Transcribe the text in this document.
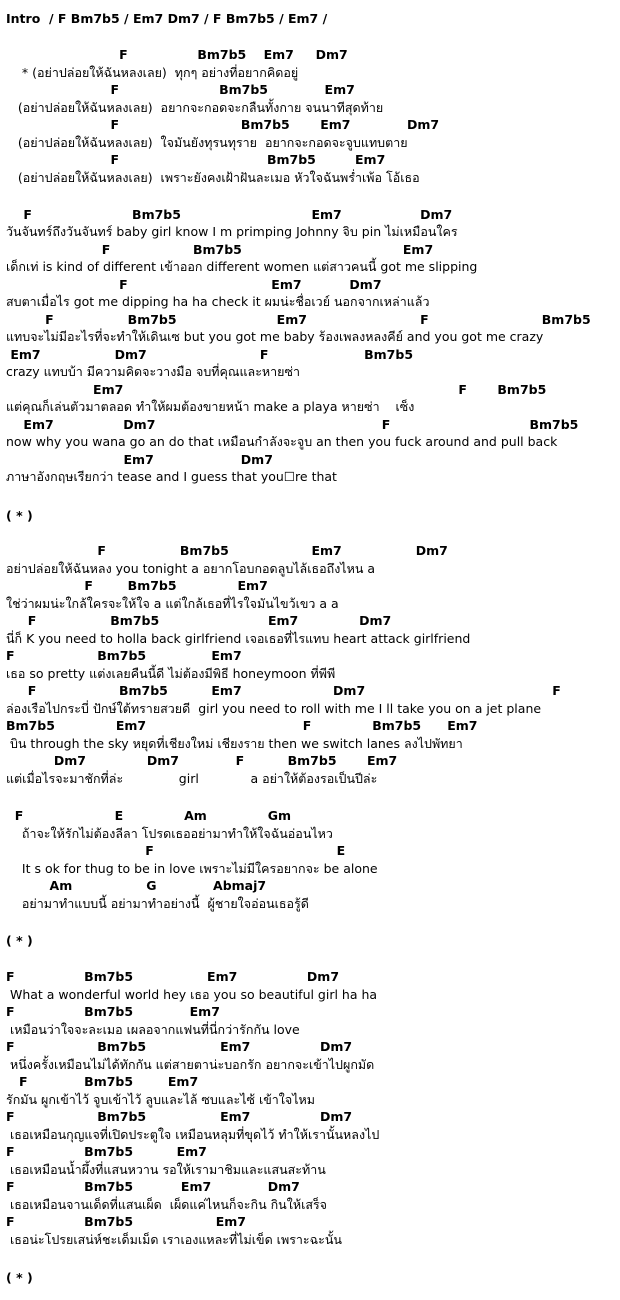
Intro  / F Bm7b5 / Em7 Dm7 / F Bm7b5 / Em7 /
F                Bm7b5    Em7     Dm7
* (อย่าปล่อยให้ฉันหลงเลย)  ทุกๆ อย่างที่อยากคิดอยู่
F                       Bm7b5             Em7
(อย่าปล่อยให้ฉันหลงเลย)  อยากจะกอดจะกลืนทั้งกาย จนนาทีสุดท้าย
F                            Bm7b5       Em7             Dm7
(อย่าปล่อยให้ฉันหลงเลย)  ใจมันยังทุรนทุราย  อยากจะกอดจะจูบแทบตาย
F                                  Bm7b5         Em7
(อย่าปล่อยให้ฉันหลงเลย)  เพราะยังคงเฝ้าฝันละเมอ หัวใจฉันพร่ำเพ้อ โอ้เธอ
F                       Bm7b5                              Em7                  Dm7
วันจันทร์ถึงวันจันทร์ baby girl know I m primping Johnny จิบ pin ไม่เหมือนใคร
F                   Bm7b5                                     Em7
เด็กเท่ is kind of different เข้าออก different women แต่สาวคนนี้ got me slipping
F                                 Em7           Dm7
สบตาเมื่อไร got me dipping ha ha check it ผมน่ะชื่อเวย์ นอกจากเหล่าแล้ว
F                 Bm7b5                       Em7                          F                          Bm7b5
แทบจะไม่มีอะไรที่จะทำให้เดินเซ but you got me baby ร้องเพลงหลงคีย์ and you got me crazy
Em7                 Dm7                          F                      Bm7b5
crazy แทบบ้า มีความคิดจะวางมือ จบที่คุณและหายซ่า
Em7                                                                             F       Bm7b5
แต่คุณก็เล่นตัวมาตลอด ทำให้ผมต้องขายหน้า make a playa หายซ่า    เซ็ง
Em7                Dm7                                                    F                                Bm7b5
now why you wana go an do that เหมือนกำลังจะจูบ an then you fuck around and pull back
Em7                    Dm7
ภาษาอังกฤษเรียกว่า tease and I guess that you☐re that
( * )
F                 Bm7b5                   Em7                 Dm7
อย่าปล่อยให้ฉันหลง you tonight a อยากโอบกอดลูบไล้เธอถึงไหน a
F        Bm7b5              Em7
ใช่ว่าผมน่ะใกล้ใครจะให้ใจ a แต่ใกล้เธอที่ไรใจมันไขว้เขว a a
F                 Bm7b5                         Em7              Dm7
นี่ก็ K you need to holla back girlfriend เจอเธอที่ไรแทบ heart attack girlfriend
F                   Bm7b5               Em7
เธอ so pretty แต่งเลยคืนนี้ดี ไม่ต้องมีพิธี honeymoon ที่พีพี
F                   Bm7b5          Em7                     Dm7                                           F
ล่องเรือไปกระบี่ ปักษ์ใต้ทรายสวยดี  girl you need to roll with me I ll take you on a jet plane
Bm7b5              Em7                                    F              Bm7b5      Em7
บิน through the sky หยุดที่เชียงใหม่ เชียงราย then we switch lanes ลงไปพัทยา
Dm7              Dm7             F          Bm7b5       Em7
แต่เมื่อไรจะมาชักที่ล่ะ              girl             a อย่าให้ต้องรอเป็นปีล่ะ
F                     E              Am              Gm
ถ้าจะให้รักไม่ต้องลีลา โปรดเธออย่ามาทำให้ใจฉันอ่อนไหว
F                                          E
It s ok for thug to be in love เพราะไม่มีใครอยากจะ be alone
Am                 G             Abmaj7
อย่ามาทำแบบนี้ อย่ามาทำอย่างนี้  ผู้ชายใจอ่อนเธอรู้ดี
( * )
F                Bm7b5                 Em7                Dm7
What a wonderful world hey เธอ you so beautiful girl ha ha
F                Bm7b5             Em7
เหมือนว่าใจจะละเมอ เผลอจากแฟนที่นี่กว่ารักกัน love
F                   Bm7b5                 Em7                Dm7
หนึ่งครั้งเหมือนไม่ได้ทักกัน แต่สายตาน่ะบอกรัก อยากจะเข้าไปผูกมัด
F             Bm7b5        Em7
รักมัน ผูกเข้าไว้ จูบเข้าไว้ ลูบและไล้ ซบและไซ้ เข้าใจไหม
F                   Bm7b5                 Em7                Dm7
เธอเหมือนกุญแจที่เปิดประตูใจ เหมือนหลุมที่ขุดไว้ ทำให้เรานั้นหลงไป
F                Bm7b5          Em7
เธอเหมือนน้ำผึ้งที่แสนหวาน รอให้เรามาชิมและแสนสะท้าน
F                Bm7b5           Em7             Dm7
เธอเหมือนจานเด็ดที่แสนเผ็ด  เผ็ดแค่ไหนก็จะกิน กินให้เสร็จ
F                Bm7b5                   Em7
เธอน่ะโปรยเสน่ห์ชะเด็มเม็ด เราเองแหละที่ไม่เข็ด เพราะฉะนั้น
( * )
